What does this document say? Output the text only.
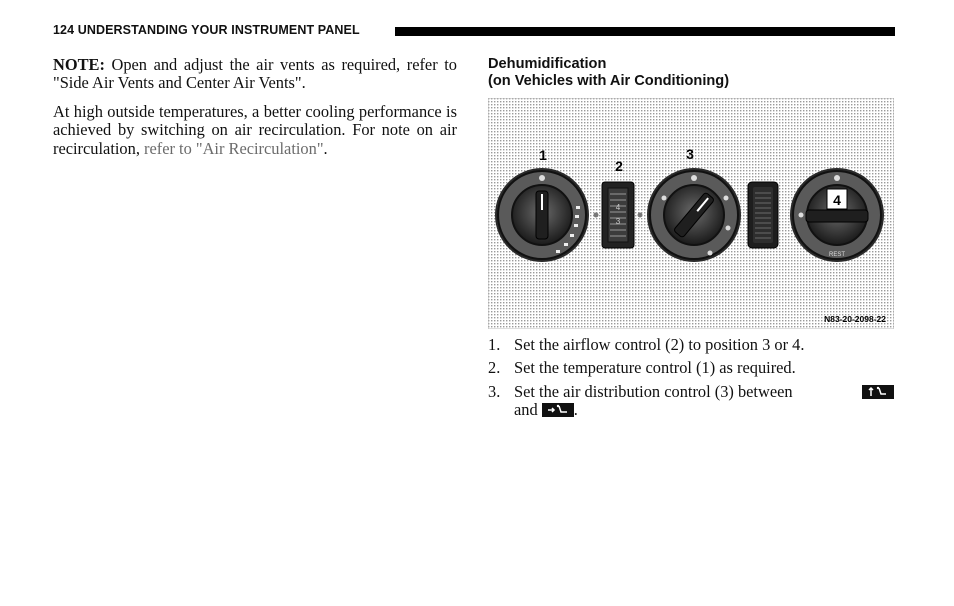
124 UNDERSTANDING YOUR INSTRUMENT PANEL

NOTE: Open and adjust the air vents as required, refer to "Side Air Vents and Center Air Vents".

At high outside temperatures, a better cooling performance is achieved by switching on air recirculation. For note on air recirculation, refer to "Air Recirculation".

Dehumidification
(on Vehicles with Air Conditioning)
4
3
REST
1
2
3
4
N83-20-2098-22
1. Set the airflow control (2) to position 3 or 4.
2. Set the temperature control (1) as required.
3. Set the air distribution control (3) between

and .
